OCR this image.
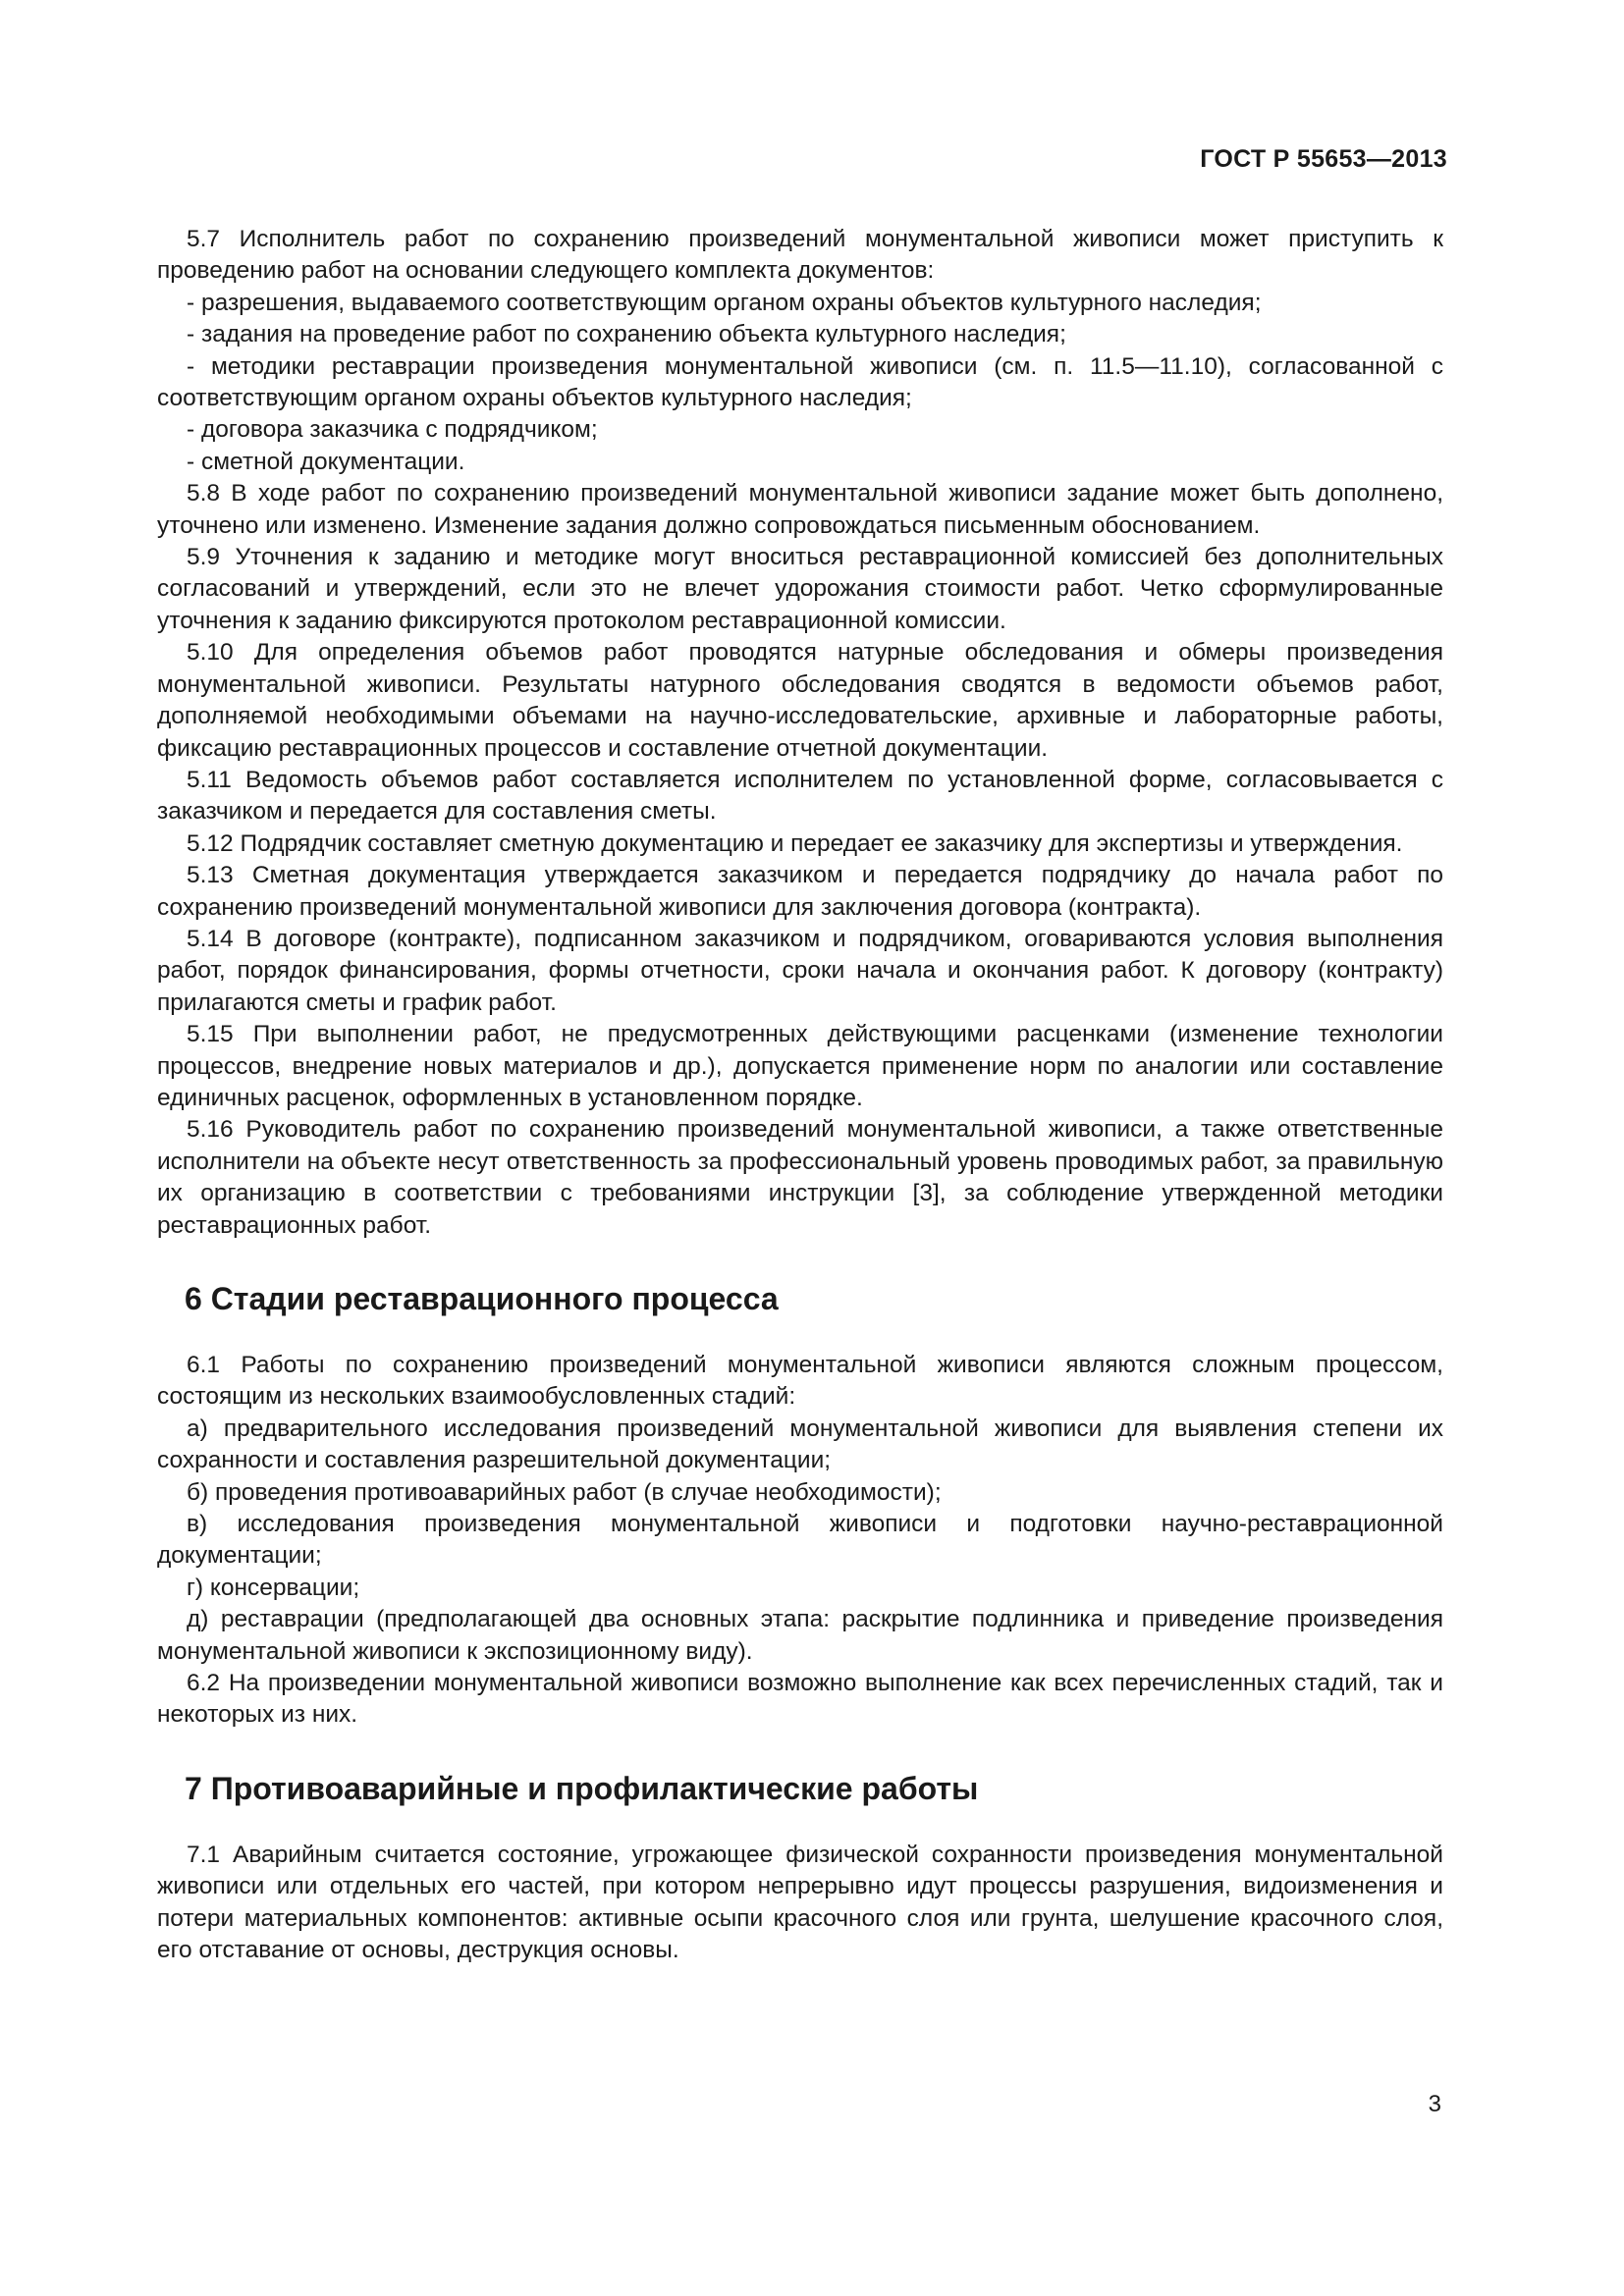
ГОСТ Р 55653—2013

5.7 Исполнитель работ по сохранению произведений монументальной живописи может приступить к проведению работ на основании следующего комплекта документов:

- разрешения, выдаваемого соответствующим органом охраны объектов культурного наследия;

- задания на проведение работ по сохранению объекта культурного наследия;

- методики реставрации произведения монументальной живописи (см. п. 11.5—11.10), согласованной с соответствующим органом охраны объектов культурного наследия;

- договора заказчика с подрядчиком;

- сметной документации.

5.8 В ходе работ по сохранению произведений монументальной живописи задание может быть дополнено, уточнено или изменено. Изменение задания должно сопровождаться письменным обоснованием.

5.9 Уточнения к заданию и методике могут вноситься реставрационной комиссией без дополнительных согласований и утверждений, если это не влечет удорожания стоимости работ. Четко сформулированные уточнения к заданию фиксируются протоколом реставрационной комиссии.

5.10 Для определения объемов работ проводятся натурные обследования и обмеры произведения монументальной живописи. Результаты натурного обследования сводятся в ведомости объемов работ, дополняемой необходимыми объемами на научно-исследовательские, архивные и лабораторные работы, фиксацию реставрационных процессов и составление отчетной документации.

5.11 Ведомость объемов работ составляется исполнителем по установленной форме, согласовывается с заказчиком и передается для составления сметы.

5.12 Подрядчик составляет сметную документацию и передает ее заказчику для экспертизы и утверждения.

5.13 Сметная документация утверждается заказчиком и передается подрядчику до начала работ по сохранению произведений монументальной живописи для заключения договора (контракта).

5.14 В договоре (контракте), подписанном заказчиком и подрядчиком, оговариваются условия выполнения работ, порядок финансирования, формы отчетности, сроки начала и окончания работ. К договору (контракту) прилагаются сметы и график работ.

5.15 При выполнении работ, не предусмотренных действующими расценками (изменение технологии процессов, внедрение новых материалов и др.), допускается применение норм по аналогии или составление единичных расценок, оформленных в установленном порядке.

5.16 Руководитель работ по сохранению произведений монументальной живописи, а также ответственные исполнители на объекте несут ответственность за профессиональный уровень проводимых работ, за правильную их организацию в соответствии с требованиями инструкции [3], за соблюдение утвержденной методики реставрационных работ.

6 Стадии реставрационного процесса

6.1 Работы по сохранению произведений монументальной живописи являются сложным процессом, состоящим из нескольких взаимообусловленных стадий:

а) предварительного исследования произведений монументальной живописи для выявления степени их сохранности и составления разрешительной документации;

б) проведения противоаварийных работ (в случае необходимости);

в) исследования произведения монументальной живописи и подготовки научно-реставрационной документации;

г) консервации;

д) реставрации (предполагающей два основных этапа: раскрытие подлинника и приведение произведения монументальной живописи к экспозиционному виду).

6.2 На произведении монументальной живописи возможно выполнение как всех перечисленных стадий, так и некоторых из них.

7 Противоаварийные и профилактические работы

7.1 Аварийным считается состояние, угрожающее физической сохранности произведения монументальной живописи или отдельных его частей, при котором непрерывно идут процессы разрушения, видоизменения и потери материальных компонентов: активные осыпи красочного слоя или грунта, шелушение красочного слоя, его отставание от основы, деструкция основы.

3
